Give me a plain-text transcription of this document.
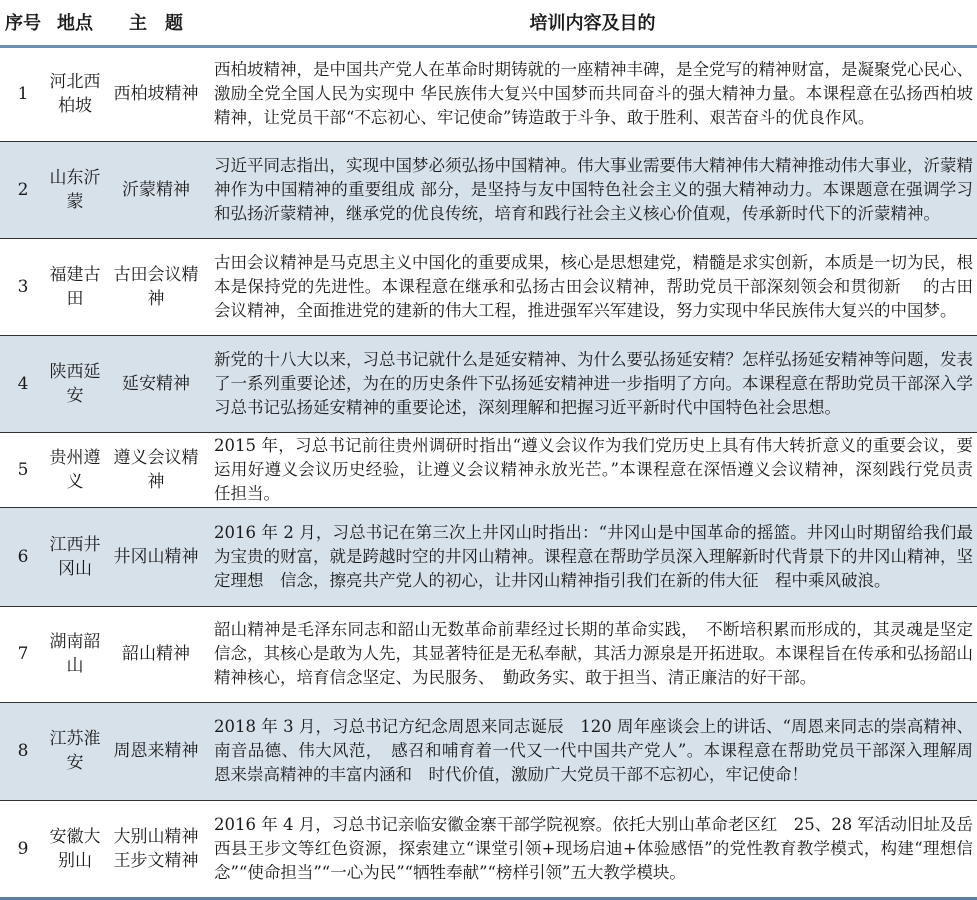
序号	地点	主　题	培训内容及目的
1	河北西柏坡	西柏坡精神	西柏坡精神，是中国共产党人在革命时期铸就的一座精神丰碑，是全党写的精神财富，是凝聚党心民心、激励全党全国人民为实现中 华民族伟大复兴中国梦而共同奋斗的强大精神力量。本课程意在弘扬西柏坡精神，让党员干部“不忘初心、牢记使命”铸造敢于斗争、敢于胜利、艰苦奋斗的优良作风。
2	山东沂蒙	沂蒙精神	习近平同志指出，实现中国梦必须弘扬中国精神。伟大事业需要伟大精神伟大精神推动伟大事业，沂蒙精神作为中国精神的重要组成 部分，是坚持与友中国特色社会主义的强大精神动力。本课题意在强调学习和弘扬沂蒙精神，继承党的优良传统，培育和践行社会主义核心价值观，传承新时代下的沂蒙精神。
3	福建古田	古田会议精神	古田会议精神是马克思主义中国化的重要成果，核心是思想建党，精髓是求实创新，本质是一切为民，根本是保持党的先进性。本课程意在继承和弘扬古田会议精神，帮助党员干部深刻领会和贯彻新　 的古田会议精神，全面推进党的建新的伟大工程，推进强军兴军建设，努力实现中华民族伟大复兴的中国梦。
4	陕西延安	延安精神	新党的十八大以来，习总书记就什么是延安精神、为什么要弘扬延安精？怎样弘扬延安精神等问题，发表了一系列重要论述，为在的历史条件下弘扬延安精神进一步指明了方向。本课程意在帮助党员干部深入学习总书记弘扬延安精神的重要论述，深刻理解和把握习近平新时代中国特色社会思想。
5	贵州遵义	遵义会议精神	2015 年，习总书记前往贵州调研时指出“遵义会议作为我们党历史上具有伟大转折意义的重要会议，要运用好遵义会议历史经验，让遵义会议精神永放光芒。”本课程意在深悟遵义会议精神，深刻践行党员责任担当。
6	江西井冈山	井冈山精神	2016 年 2 月，习总书记在第三次上井冈山时指出：“井冈山是中国革命的摇篮。井冈山时期留给我们最为宝贵的财富，就是跨越时空的井冈山精神。课程意在帮助学员深入理解新时代背景下的井冈山精神，坚定理想　信念，擦亮共产党人的初心，让井冈山精神指引我们在新的伟大征　程中乘风破浪。
7	湖南韶山	韶山精神	韶山精神是毛泽东同志和韶山无数革命前辈经过长期的革命实践，　不断培积累而形成的，其灵魂是坚定信念，其核心是敢为人先，其显著特征是无私奉献，其活力源泉是开拓进取。本课程旨在传承和弘扬韶山精神核心，培育信念坚定、为民服务、　勤政务实、敢于担当、清正廉洁的好干部。
8	江苏淮安	周恩来精神	2018 年 3 月，习总书记方纪念周恩来同志诞辰　120 周年座谈会上的讲话、“周恩来同志的崇高精神、南音品德、伟大风范，　感召和哺育着一代又一代中国共产党人”。本课程意在帮助党员干部深入理解周恩来崇高精神的丰富内涵和　时代价值，激励广大党员干部不忘初心，牢记使命！
9	安徽大别山	大别山精神 王步文精神	2016 年 4 月，习总书记亲临安徽金寨干部学院视察。依托大别山革命老区红　25、28 军活动旧址及岳西县王步文等红色资源，探索建立“课堂引领+现场启迪+体验感悟”的党性教育教学模式，构建“理想信念”“使命担当”“一心为民”“牺牲奉献”“榜样引领”五大教学模块。
